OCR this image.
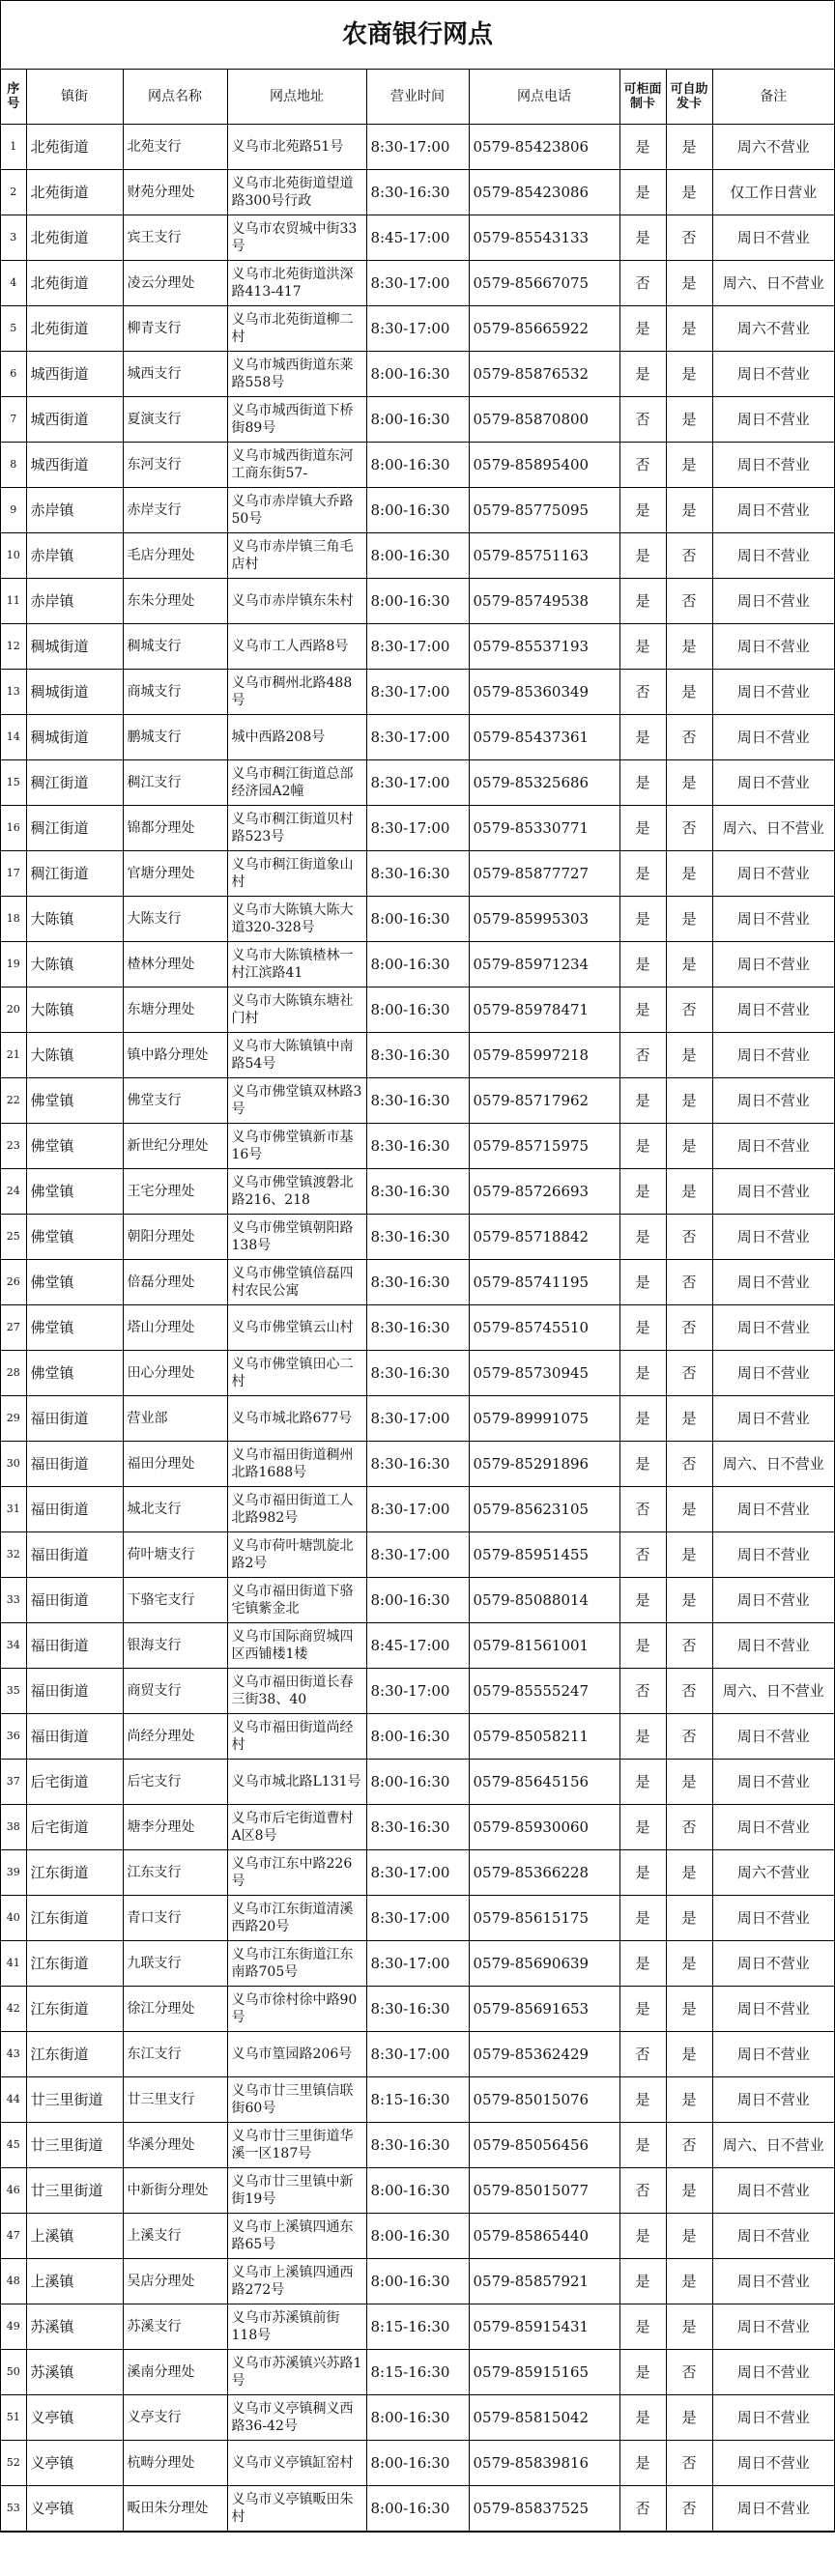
农商银行网点
序号	镇街	网点名称	网点地址	营业时间	网点电话	可柜面制卡	可自助发卡	备注
1	北苑街道	北苑支行	义乌市北苑路51号	8:30-17:00	0579-85423806	是	是	周六不营业
2	北苑街道	财苑分理处	义乌市北苑街道望道路300号行政	8:30-16:30	0579-85423086	是	是	仅工作日营业
3	北苑街道	宾王支行	义乌市农贸城中街33号	8:45-17:00	0579-85543133	是	否	周日不营业
4	北苑街道	凌云分理处	义乌市北苑街道洪深路413-417	8:30-17:00	0579-85667075	否	是	周六、日不营业
5	北苑街道	柳青支行	义乌市北苑街道柳二村	8:30-17:00	0579-85665922	是	是	周六不营业
6	城西街道	城西支行	义乌市城西街道东莱路558号	8:00-16:30	0579-85876532	是	是	周日不营业
7	城西街道	夏演支行	义乌市城西街道下桥街89号	8:00-16:30	0579-85870800	否	是	周日不营业
8	城西街道	东河支行	义乌市城西街道东河工商东街57-	8:00-16:30	0579-85895400	否	是	周日不营业
9	赤岸镇	赤岸支行	义乌市赤岸镇大乔路50号	8:00-16:30	0579-85775095	是	是	周日不营业
10	赤岸镇	毛店分理处	义乌市赤岸镇三角毛店村	8:00-16:30	0579-85751163	是	否	周日不营业
11	赤岸镇	东朱分理处	义乌市赤岸镇东朱村	8:00-16:30	0579-85749538	是	否	周日不营业
12	稠城街道	稠城支行	义乌市工人西路8号	8:30-17:00	0579-85537193	是	是	周日不营业
13	稠城街道	商城支行	义乌市稠州北路488号	8:30-17:00	0579-85360349	否	是	周日不营业
14	稠城街道	鹏城支行	城中西路208号	8:30-17:00	0579-85437361	是	否	周日不营业
15	稠江街道	稠江支行	义乌市稠江街道总部经济园A2幢	8:30-17:00	0579-85325686	是	是	周日不营业
16	稠江街道	锦都分理处	义乌市稠江街道贝村路523号	8:30-17:00	0579-85330771	是	否	周六、日不营业
17	稠江街道	官塘分理处	义乌市稠江街道象山村	8:30-16:30	0579-85877727	是	是	周日不营业
18	大陈镇	大陈支行	义乌市大陈镇大陈大道320-328号	8:00-16:30	0579-85995303	是	是	周日不营业
19	大陈镇	楂林分理处	义乌市大陈镇楂林一村江滨路41	8:00-16:30	0579-85971234	是	是	周日不营业
20	大陈镇	东塘分理处	义乌市大陈镇东塘社门村	8:00-16:30	0579-85978471	是	否	周日不营业
21	大陈镇	镇中路分理处	义乌市大陈镇镇中南路54号	8:30-16:30	0579-85997218	否	是	周日不营业
22	佛堂镇	佛堂支行	义乌市佛堂镇双林路3号	8:30-16:30	0579-85717962	是	是	周日不营业
23	佛堂镇	新世纪分理处	义乌市佛堂镇新市基16号	8:30-16:30	0579-85715975	是	是	周日不营业
24	佛堂镇	王宅分理处	义乌市佛堂镇渡磐北路216、218	8:30-16:30	0579-85726693	是	是	周日不营业
25	佛堂镇	朝阳分理处	义乌市佛堂镇朝阳路138号	8:30-16:30	0579-85718842	是	否	周日不营业
26	佛堂镇	倍磊分理处	义乌市佛堂镇倍磊四村农民公寓	8:30-16:30	0579-85741195	是	否	周日不营业
27	佛堂镇	塔山分理处	义乌市佛堂镇云山村	8:30-16:30	0579-85745510	是	否	周日不营业
28	佛堂镇	田心分理处	义乌市佛堂镇田心二村	8:30-16:30	0579-85730945	是	否	周日不营业
29	福田街道	营业部	义乌市城北路677号	8:30-17:00	0579-89991075	是	是	周日不营业
30	福田街道	福田分理处	义乌市福田街道稠州北路1688号	8:30-16:30	0579-85291896	是	否	周六、日不营业
31	福田街道	城北支行	义乌市福田街道工人北路982号	8:30-17:00	0579-85623105	否	是	周日不营业
32	福田街道	荷叶塘支行	义乌市荷叶塘凯旋北路2号	8:30-17:00	0579-85951455	否	是	周日不营业
33	福田街道	下骆宅支行	义乌市福田街道下骆宅镇紫金北	8:00-16:30	0579-85088014	是	是	周日不营业
34	福田街道	银海支行	义乌市国际商贸城四区西铺楼1楼	8:45-17:00	0579-81561001	是	否	周日不营业
35	福田街道	商贸支行	义乌市福田街道长春三街38、40	8:30-17:00	0579-85555247	否	否	周六、日不营业
36	福田街道	尚经分理处	义乌市福田街道尚经村	8:00-16:30	0579-85058211	是	否	周日不营业
37	后宅街道	后宅支行	义乌市城北路L131号	8:00-16:30	0579-85645156	是	是	周日不营业
38	后宅街道	塘李分理处	义乌市后宅街道曹村A区8号	8:30-16:30	0579-85930060	是	否	周日不营业
39	江东街道	江东支行	义乌市江东中路226号	8:30-17:00	0579-85366228	是	是	周六不营业
40	江东街道	青口支行	义乌市江东街道清溪西路20号	8:30-17:00	0579-85615175	是	是	周日不营业
41	江东街道	九联支行	义乌市江东街道江东南路705号	8:30-17:00	0579-85690639	是	是	周日不营业
42	江东街道	徐江分理处	义乌市徐村徐中路90号	8:30-16:30	0579-85691653	是	是	周日不营业
43	江东街道	东江支行	义乌市篁园路206号	8:30-17:00	0579-85362429	否	是	周日不营业
44	廿三里街道	廿三里支行	义乌市廿三里镇信联街60号	8:15-16:30	0579-85015076	是	是	周日不营业
45	廿三里街道	华溪分理处	义乌市廿三里街道华溪一区187号	8:30-16:30	0579-85056456	是	否	周六、日不营业
46	廿三里街道	中新街分理处	义乌市廿三里镇中新街19号	8:00-16:30	0579-85015077	否	是	周日不营业
47	上溪镇	上溪支行	义乌市上溪镇四通东路65号	8:00-16:30	0579-85865440	是	是	周日不营业
48	上溪镇	吴店分理处	义乌市上溪镇四通西路272号	8:00-16:30	0579-85857921	是	是	周日不营业
49	苏溪镇	苏溪支行	义乌市苏溪镇前街118号	8:15-16:30	0579-85915431	是	是	周日不营业
50	苏溪镇	溪南分理处	义乌市苏溪镇兴苏路1号	8:15-16:30	0579-85915165	是	否	周日不营业
51	义亭镇	义亭支行	义乌市义亭镇稠义西路36-42号	8:00-16:30	0579-85815042	是	是	周日不营业
52	义亭镇	杭畴分理处	义乌市义亭镇缸窑村	8:00-16:30	0579-85839816	是	否	周日不营业
53	义亭镇	畈田朱分理处	义乌市义亭镇畈田朱村	8:00-16:30	0579-85837525	否	否	周日不营业
